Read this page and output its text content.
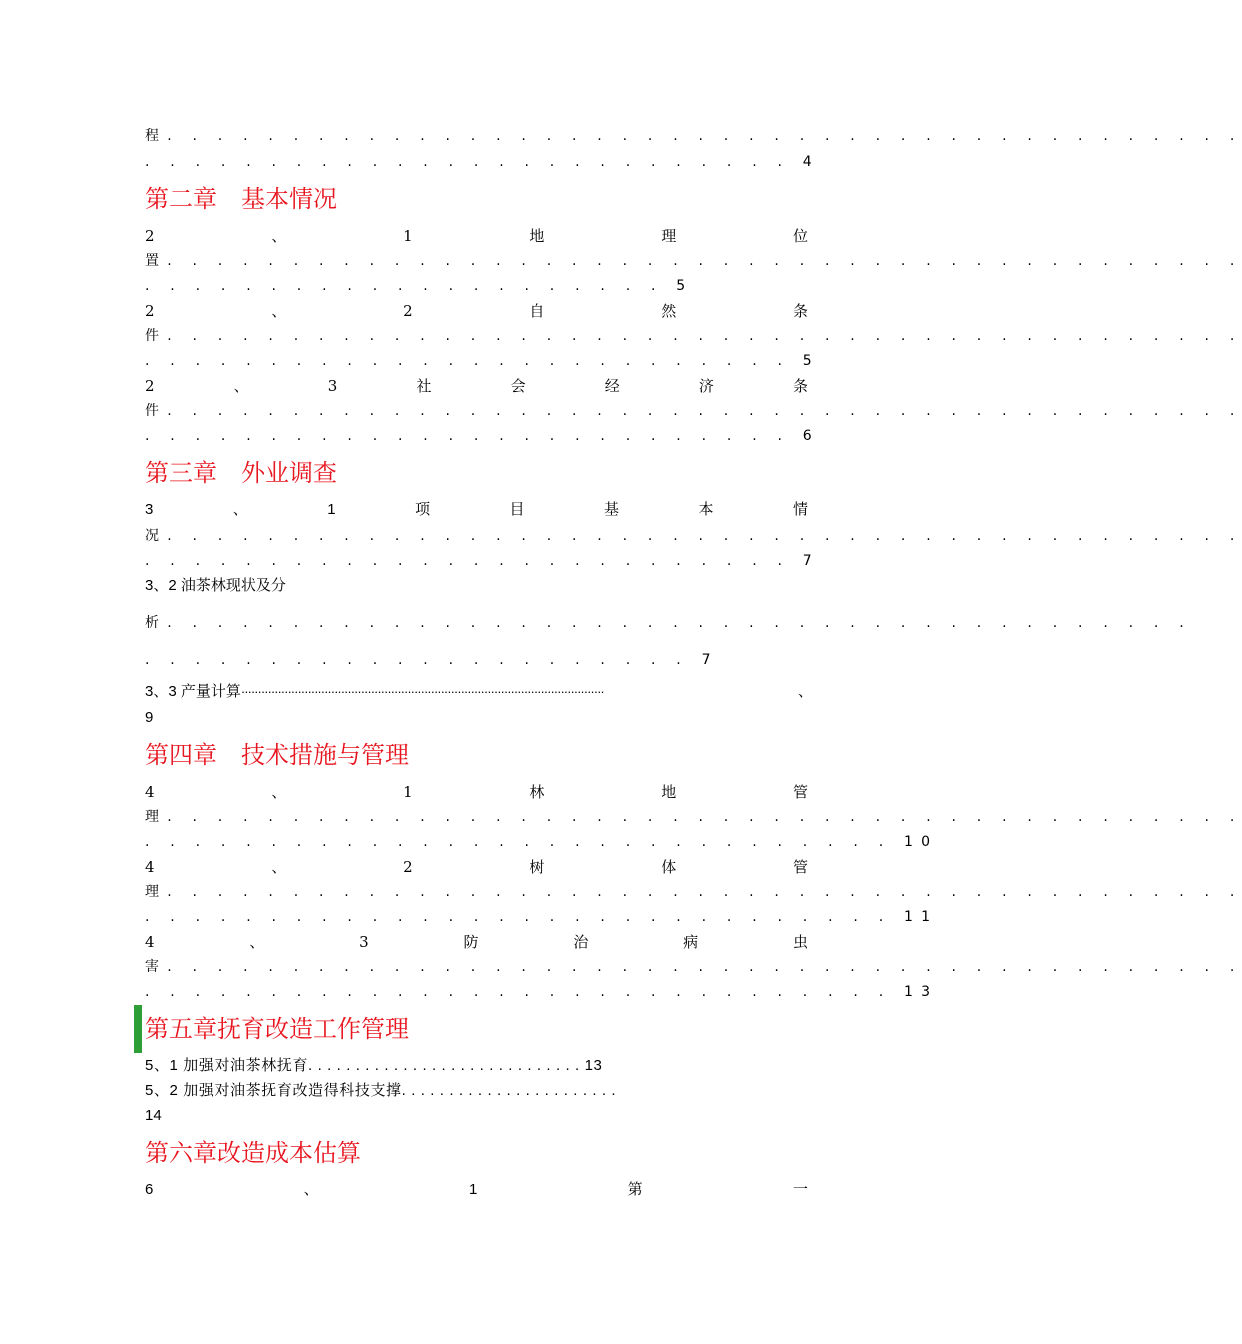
程. . . . . . . . . . . . . . . . . . . . . . . . . . . . . . . . . . . . . . . . . . .
. . . . . . . . . . . . . . . . . . . . . . . . . . 4
第二章　基本情况
2	、	1	地	理	位
置. . . . . . . . . . . . . . . . . . . . . . . . . . . . . . . . . . . . . . . . . . .
. . . . . . . . . . . . . . . . . . . . . 5
2	、	2	自	然	条
件. . . . . . . . . . . . . . . . . . . . . . . . . . . . . . . . . . . . . . . . . . .
. . . . . . . . . . . . . . . . . . . . . . . . . . 5
2	、	3	社	会	经	济	条
件. . . . . . . . . . . . . . . . . . . . . . . . . . . . . . . . . . . . . . . . . . .
. . . . . . . . . . . . . . . . . . . . . . . . . . 6
第三章　外业调查
3	、	1	项	目	基	本	情
况. . . . . . . . . . . . . . . . . . . . . . . . . . . . . . . . . . . . . . . . . . .
. . . . . . . . . . . . . . . . . . . . . . . . . . 7
3、2 油茶林现状及分
析. . . . . . . . . . . . . . . . . . . . . . . . . . . . . . . . . . . . . . . . .
. . . . . . . . . . . . . . . . . . . . . . 7
3、3 产量计算·············································································································	、
9
第四章　技术措施与管理
4	、	1	林	地	管
理. . . . . . . . . . . . . . . . . . . . . . . . . . . . . . . . . . . . . . . . . . .
. . . . . . . . . . . . . . . . . . . . . . . . . . . . . . 10
4	、	2	树	体	管
理. . . . . . . . . . . . . . . . . . . . . . . . . . . . . . . . . . . . . . . . . . .
. . . . . . . . . . . . . . . . . . . . . . . . . . . . . . 11
4	、	3	防	治	病	虫
害. . . . . . . . . . . . . . . . . . . . . . . . . . . . . . . . . . . . . . . . . . .
. . . . . . . . . . . . . . . . . . . . . . . . . . . . . . 13
第五章抚育改造工作管理
5、1 加强对油茶林抚育. . . . . . . . . . . . . . . . . . . . . . . . . . . . . 13
5、2 加强对油茶抚育改造得科技支撑. . . . . . . . . . . . . . . . . . . . . . .
14
第六章改造成本估算
6	、	1	第	一
